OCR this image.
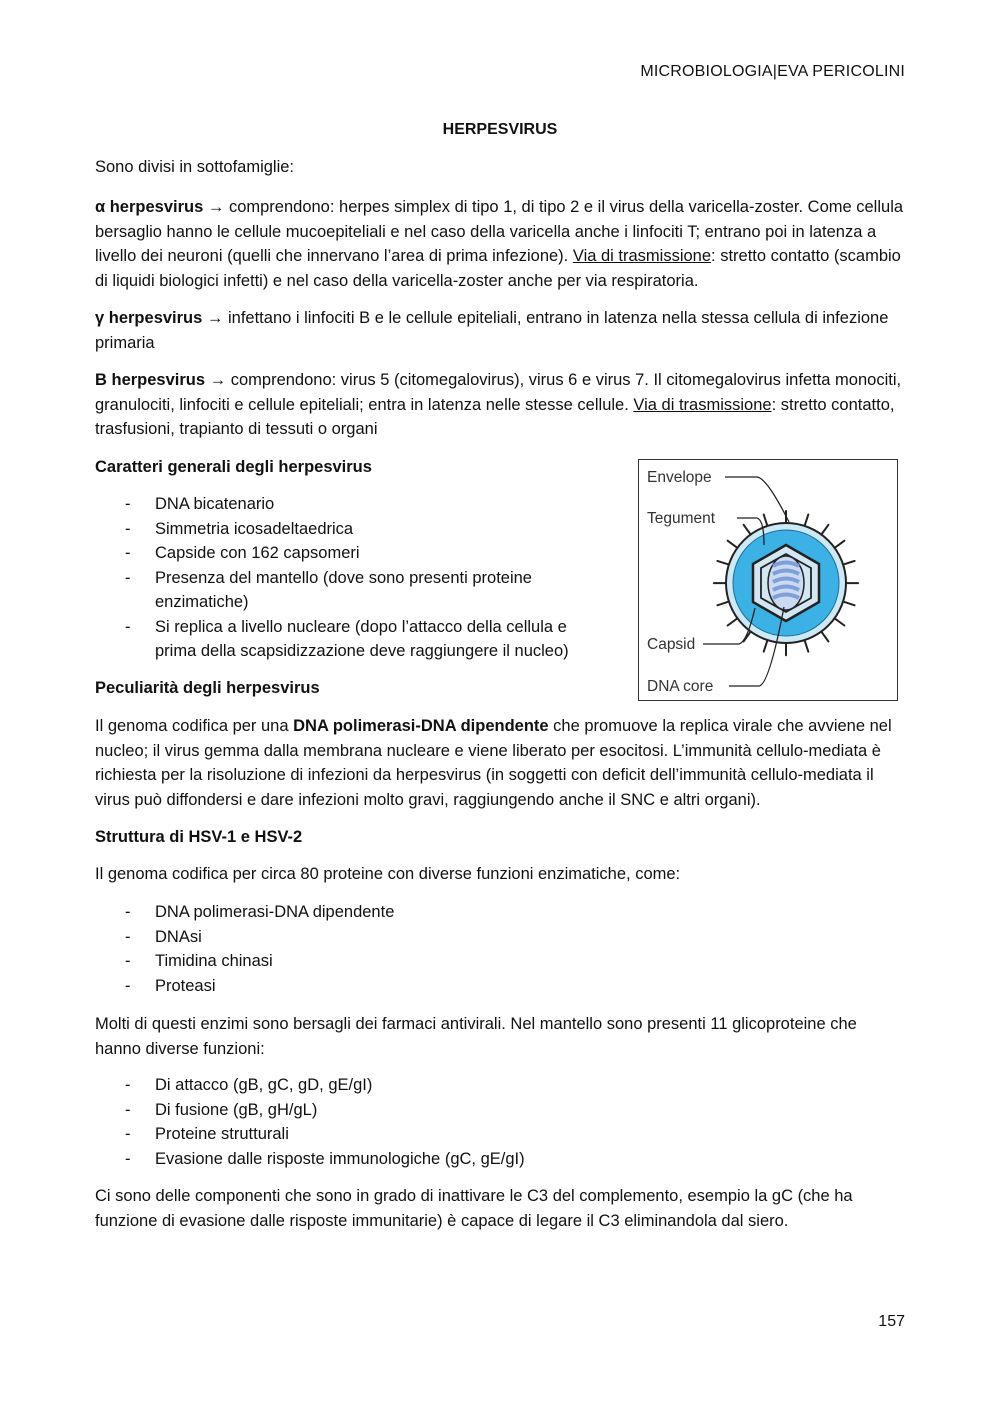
MICROBIOLOGIA|EVA PERICOLINI
HERPESVIRUS
Sono divisi in sottofamiglie:
α herpesvirus → comprendono: herpes simplex di tipo 1, di tipo 2 e il virus della varicella-zoster. Come cellula bersaglio hanno le cellule mucoepiteliali e nel caso della varicella anche i linfociti T; entrano poi in latenza a livello dei neuroni (quelli che innervano l’area di prima infezione). Via di trasmissione: stretto contatto (scambio di liquidi biologici infetti) e nel caso della varicella-zoster anche per via respiratoria.
γ herpesvirus → infettano i linfociti B e le cellule epiteliali, entrano in latenza nella stessa cellula di infezione primaria
B herpesvirus → comprendono: virus 5 (citomegalovirus), virus 6 e virus 7. Il citomegalovirus infetta monociti, granulociti, linfociti e cellule epiteliali; entra in latenza nelle stesse cellule. Via di trasmissione: stretto contatto, trasfusioni, trapianto di tessuti o organi
Caratteri generali degli herpesvirus
- DNA bicatenario
- Simmetria icosadeltaedrica
- Capside con 162 capsomeri
- Presenza del mantello (dove sono presenti proteine enzimatiche)
- Si replica a livello nucleare (dopo l’attacco della cellula e prima della scapsidizzazione deve raggiungere il nucleo)
Envelope
Tegument
Capsid
DNA core
Peculiarità degli herpesvirus
Il genoma codifica per una DNA polimerasi-DNA dipendente che promuove la replica virale che avviene nel nucleo; il virus gemma dalla membrana nucleare e viene liberato per esocitosi. L’immunità cellulo-mediata è richiesta per la risoluzione di infezioni da herpesvirus (in soggetti con deficit dell’immunità cellulo-mediata il virus può diffondersi e dare infezioni molto gravi, raggiungendo anche il SNC e altri organi).
Struttura di HSV-1 e HSV-2
Il genoma codifica per circa 80 proteine con diverse funzioni enzimatiche, come:
- DNA polimerasi-DNA dipendente
- DNAsi
- Timidina chinasi
- Proteasi
Molti di questi enzimi sono bersagli dei farmaci antivirali. Nel mantello sono presenti 11 glicoproteine che hanno diverse funzioni:
- Di attacco (gB, gC, gD, gE/gI)
- Di fusione (gB, gH/gL)
- Proteine strutturali
- Evasione dalle risposte immunologiche (gC, gE/gI)
Ci sono delle componenti che sono in grado di inattivare le C3 del complemento, esempio la gC (che ha funzione di evasione dalle risposte immunitarie) è capace di legare il C3 eliminandola dal siero.
157
